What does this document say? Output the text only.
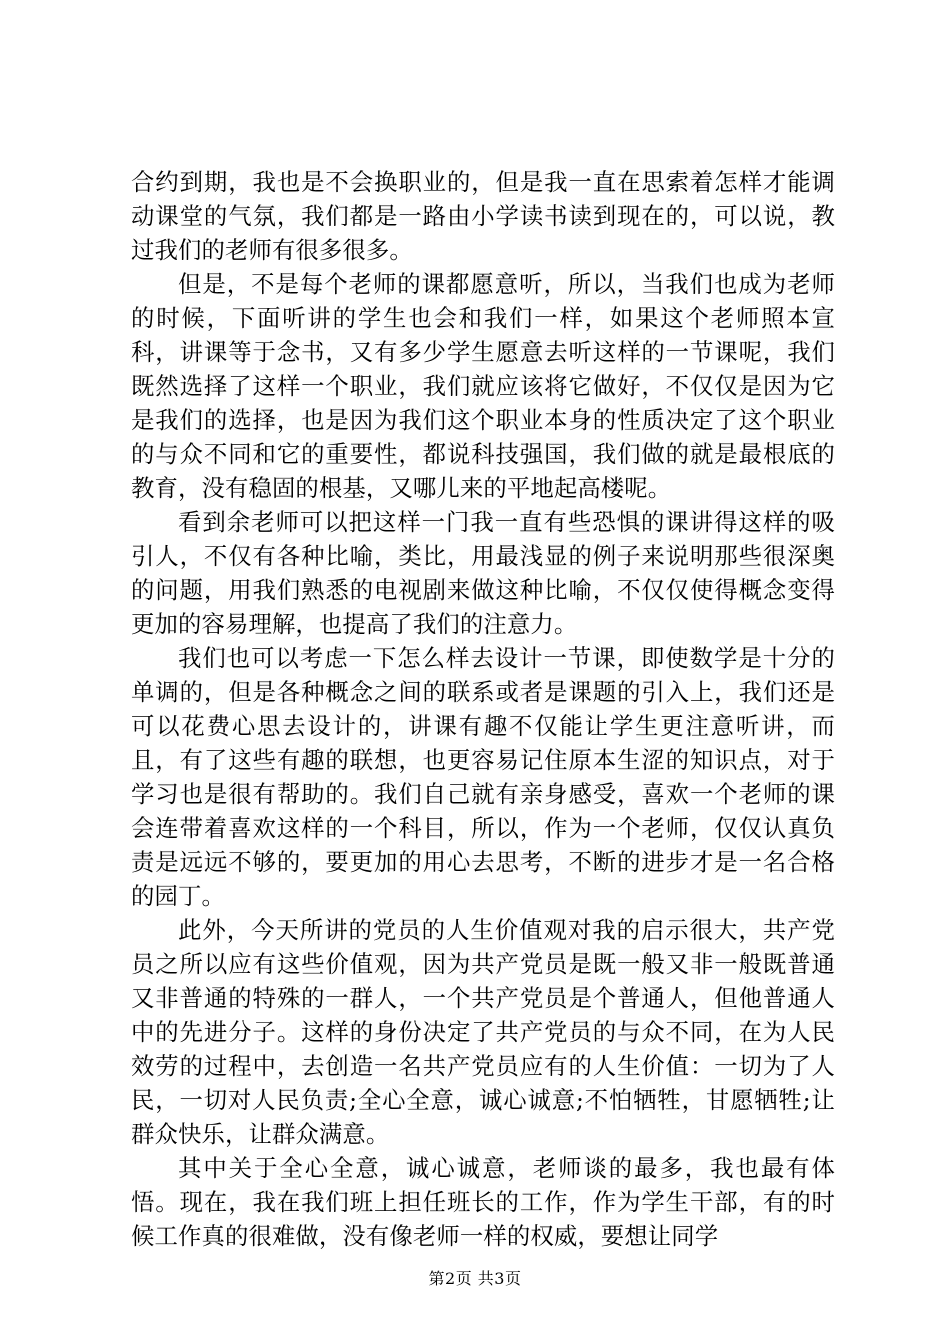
合约到期，我也是不会换职业的，但是我一直在思索着怎样才能调动课堂的气氛，我们都是一路由小学读书读到现在的，可以说，教过我们的老师有很多很多。

但是，不是每个老师的课都愿意听，所以，当我们也成为老师的时候，下面听讲的学生也会和我们一样，如果这个老师照本宣科，讲课等于念书，又有多少学生愿意去听这样的一节课呢，我们既然选择了这样一个职业，我们就应该将它做好，不仅仅是因为它是我们的选择，也是因为我们这个职业本身的性质决定了这个职业的与众不同和它的重要性，都说科技强国，我们做的就是最根底的教育，没有稳固的根基，又哪儿来的平地起高楼呢。

看到余老师可以把这样一门我一直有些恐惧的课讲得这样的吸引人，不仅有各种比喻，类比，用最浅显的例子来说明那些很深奥的问题，用我们熟悉的电视剧来做这种比喻，不仅仅使得概念变得更加的容易理解，也提高了我们的注意力。

我们也可以考虑一下怎么样去设计一节课，即使数学是十分的单调的，但是各种概念之间的联系或者是课题的引入上，我们还是可以花费心思去设计的，讲课有趣不仅能让学生更注意听讲，而且，有了这些有趣的联想，也更容易记住原本生涩的知识点，对于学习也是很有帮助的。我们自己就有亲身感受，喜欢一个老师的课会连带着喜欢这样的一个科目，所以，作为一个老师，仅仅认真负责是远远不够的，要更加的用心去思考，不断的进步才是一名合格的园丁。

此外，今天所讲的党员的人生价值观对我的启示很大，共产党员之所以应有这些价值观，因为共产党员是既一般又非一般既普通又非普通的特殊的一群人，一个共产党员是个普通人，但他普通人中的先进分子。这样的身份决定了共产党员的与众不同，在为人民效劳的过程中，去创造一名共产党员应有的人生价值：一切为了人民，一切对人民负责;全心全意，诚心诚意;不怕牺牲，甘愿牺牲;让群众快乐，让群众满意。

其中关于全心全意，诚心诚意，老师谈的最多，我也最有体悟。现在，我在我们班上担任班长的工作，作为学生干部，有的时候工作真的很难做，没有像老师一样的权威，要想让同学

第2页 共3页
